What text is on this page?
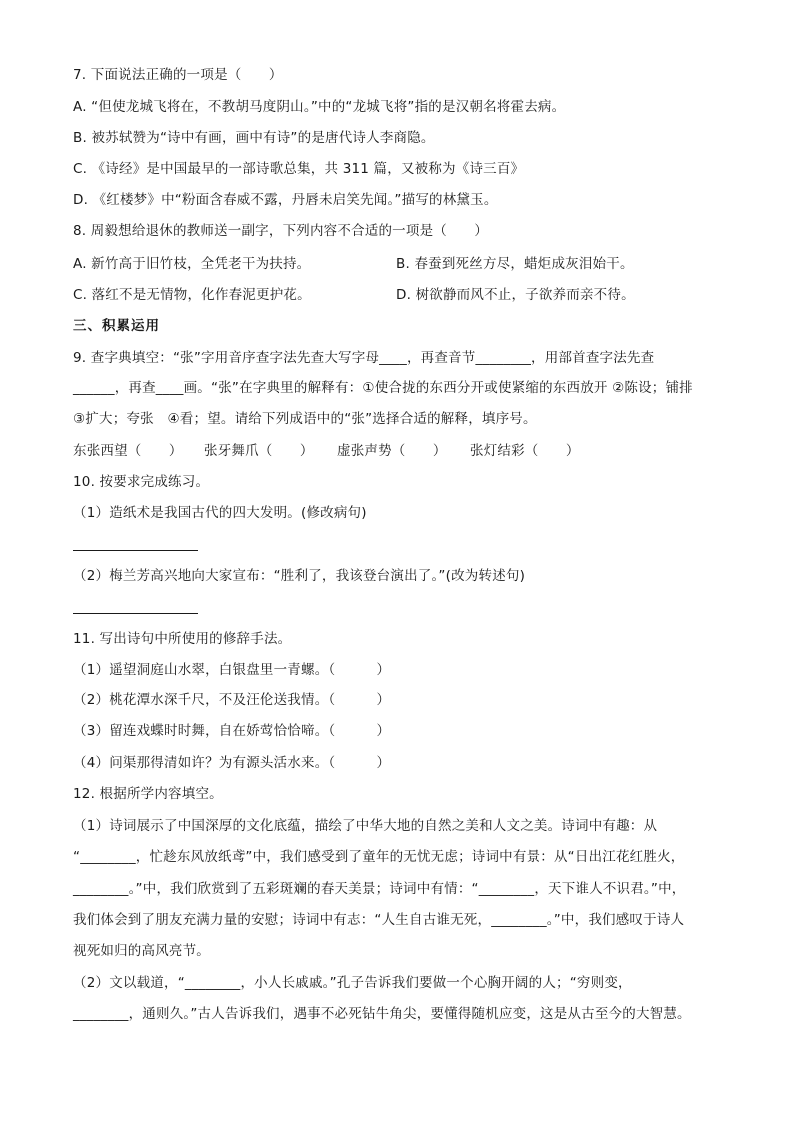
7. 下面说法正确的一项是（　　）
A. “但使龙城飞将在，不教胡马度阴山。”中的“龙城飞将”指的是汉朝名将霍去病。
B. 被苏轼赞为“诗中有画，画中有诗”的是唐代诗人李商隐。
C. 《诗经》是中国最早的一部诗歌总集，共 311 篇，又被称为《诗三百》
D. 《红楼梦》中“粉面含春威不露，丹唇未启笑先闻。”描写的林黛玉。
8. 周毅想给退休的教师送一副字，下列内容不合适的一项是（　　）
A. 新竹高于旧竹枝，全凭老干为扶持。	B. 春蚕到死丝方尽，蜡炬成灰泪始干。
C. 落红不是无情物，化作春泥更护花。	D. 树欲静而风不止，子欲养而亲不待。
三、积累运用
9. 查字典填空：“张”字用音序查字法先查大写字母____，再查音节________，用部首查字法先查
______，再查____画。“张”在字典里的解释有：①使合拢的东西分开或使紧缩的东西放开 ②陈设；铺排
③扩大；夸张　④看；望。请给下列成语中的“张”选择合适的解释，填序号。
东张西望（　　） 张牙舞爪（　　） 虚张声势（　　） 张灯结彩（　　）
10. 按要求完成练习。
（1）造纸术是我国古代的四大发明。(修改病句)
（2）梅兰芳高兴地向大家宣布：“胜利了，我该登台演出了。”(改为转述句)
11. 写出诗句中所使用的修辞手法。
（1）遥望洞庭山水翠，白银盘里一青螺。（　　　）
（2）桃花潭水深千尺，不及汪伦送我情。（　　　）
（3）留连戏蝶时时舞，自在娇莺恰恰啼。（　　　）
（4）问渠那得清如许？为有源头活水来。（　　　）
12. 根据所学内容填空。
（1）诗词展示了中国深厚的文化底蕴，描绘了中华大地的自然之美和人文之美。诗词中有趣：从
“________，忙趁东风放纸鸢”中，我们感受到了童年的无忧无虑；诗词中有景：从“日出江花红胜火，
________。”中，我们欣赏到了五彩斑斓的春天美景；诗词中有情：“________，天下谁人不识君。”中，
我们体会到了朋友充满力量的安慰；诗词中有志：“人生自古谁无死，________。”中，我们感叹于诗人
视死如归的高风亮节。
（2）文以载道，“________，小人长戚戚。”孔子告诉我们要做一个心胸开阔的人；“穷则变，
________，通则久。”古人告诉我们，遇事不必死钻牛角尖，要懂得随机应变，这是从古至今的大智慧。
